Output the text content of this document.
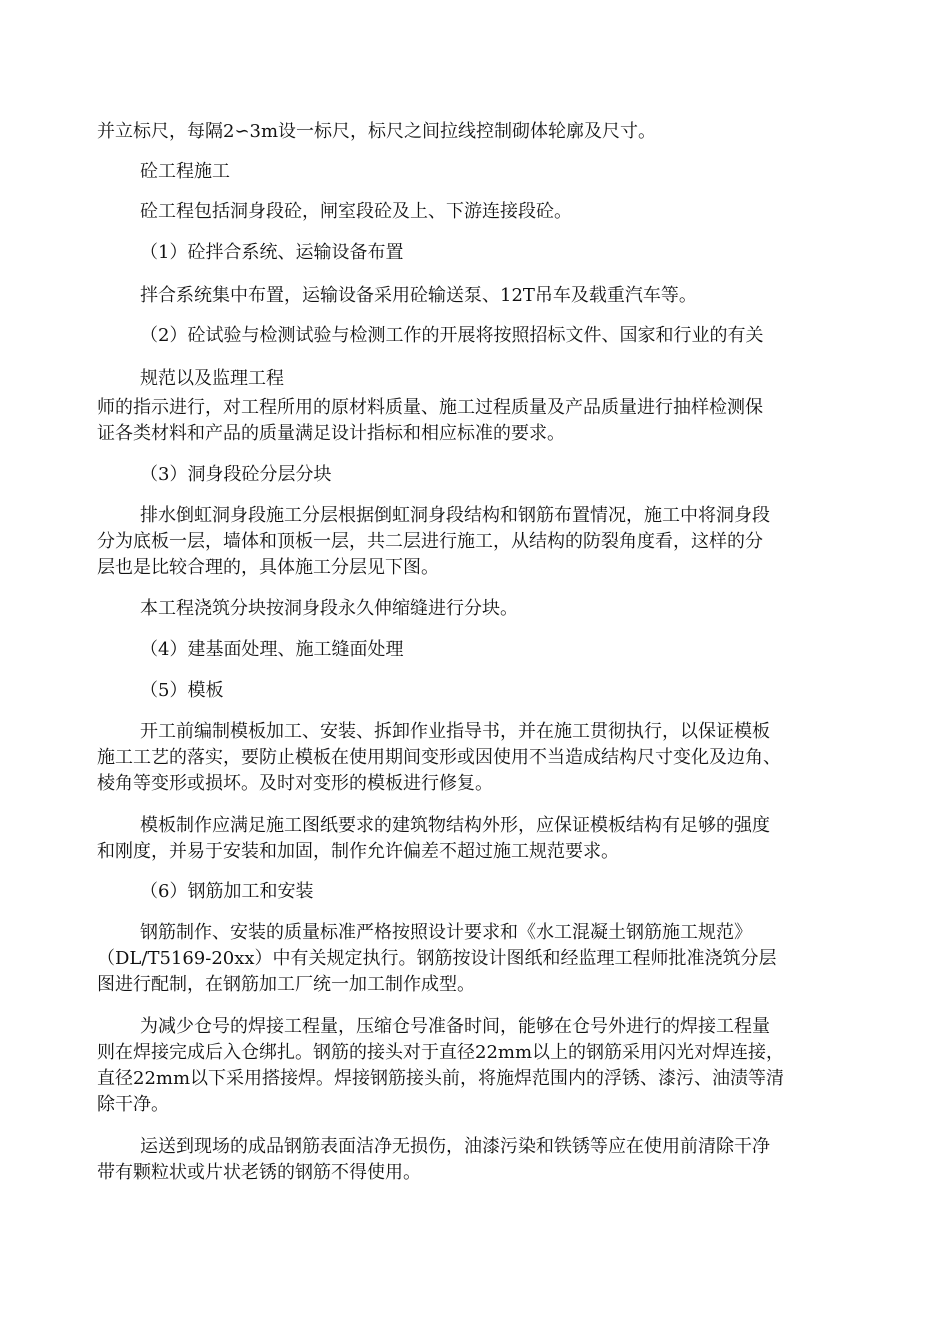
并立标尺，每隔2∽3m设一标尺，标尺之间拉线控制砌体轮廓及尺寸。
砼工程施工
砼工程包括洞身段砼，闸室段砼及上、下游连接段砼。
（1）砼拌合系统、运输设备布置
拌合系统集中布置，运输设备采用砼输送泵、12T吊车及载重汽车等。
（2）砼试验与检测试验与检测工作的开展将按照招标文件、国家和行业的有关
规范以及监理工程
师的指示进行，对工程所用的原材料质量、施工过程质量及产品质量进行抽样检测保
证各类材料和产品的质量满足设计指标和相应标准的要求。
（3）洞身段砼分层分块
排水倒虹洞身段施工分层根据倒虹洞身段结构和钢筋布置情况，施工中将洞身段
分为底板一层，墙体和顶板一层，共二层进行施工，从结构的防裂角度看，这样的分
层也是比较合理的，具体施工分层见下图。
本工程浇筑分块按洞身段永久伸缩缝进行分块。
（4）建基面处理、施工缝面处理
（5）模板
开工前编制模板加工、安装、拆卸作业指导书，并在施工贯彻执行，以保证模板
施工工艺的落实，要防止模板在使用期间变形或因使用不当造成结构尺寸变化及边角、
棱角等变形或损坏。及时对变形的模板进行修复。
模板制作应满足施工图纸要求的建筑物结构外形，应保证模板结构有足够的强度
和刚度，并易于安装和加固，制作允许偏差不超过施工规范要求。
（6）钢筋加工和安装
钢筋制作、安装的质量标准严格按照设计要求和《水工混凝土钢筋施工规范》
（DL/T5169-20xx）中有关规定执行。钢筋按设计图纸和经监理工程师批准浇筑分层
图进行配制，在钢筋加工厂统一加工制作成型。
为减少仓号的焊接工程量，压缩仓号准备时间，能够在仓号外进行的焊接工程量
则在焊接完成后入仓绑扎。钢筋的接头对于直径22mm以上的钢筋采用闪光对焊连接，
直径22mm以下采用搭接焊。焊接钢筋接头前，将施焊范围内的浮锈、漆污、油渍等清
除干净。
运送到现场的成品钢筋表面洁净无损伤，油漆污染和铁锈等应在使用前清除干净
带有颗粒状或片状老锈的钢筋不得使用。
